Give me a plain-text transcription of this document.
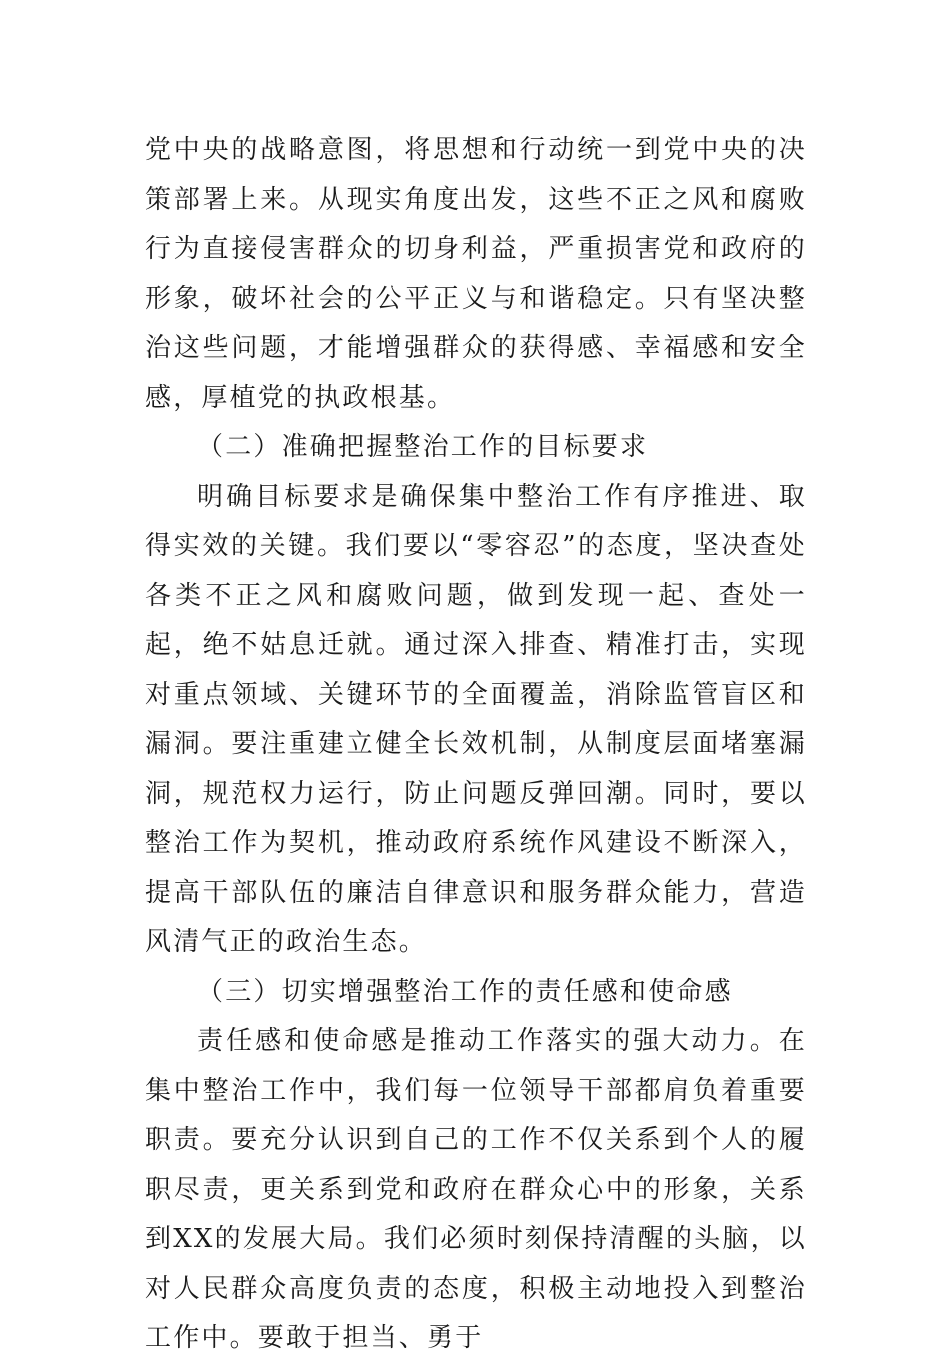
党中央的战略意图，将思想和行动统一到党中央的决策部署上来。从现实角度出发，这些不正之风和腐败行为直接侵害群众的切身利益，严重损害党和政府的形象，破坏社会的公平正义与和谐稳定。只有坚决整治这些问题，才能增强群众的获得感、幸福感和安全感，厚植党的执政根基。

（二）准确把握整治工作的目标要求

明确目标要求是确保集中整治工作有序推进、取得实效的关键。我们要以“零容忍”的态度，坚决查处各类不正之风和腐败问题，做到发现一起、查处一起，绝不姑息迁就。通过深入排查、精准打击，实现对重点领域、关键环节的全面覆盖，消除监管盲区和漏洞。要注重建立健全长效机制，从制度层面堵塞漏洞，规范权力运行，防止问题反弹回潮。同时，要以整治工作为契机，推动政府系统作风建设不断深入，提高干部队伍的廉洁自律意识和服务群众能力，营造风清气正的政治生态。

（三）切实增强整治工作的责任感和使命感

责任感和使命感是推动工作落实的强大动力。在集中整治工作中，我们每一位领导干部都肩负着重要职责。要充分认识到自己的工作不仅关系到个人的履职尽责，更关系到党和政府在群众心中的形象，关系到XX的发展大局。我们必须时刻保持清醒的头脑，以对人民群众高度负责的态度，积极主动地投入到整治工作中。要敢于担当、勇于
